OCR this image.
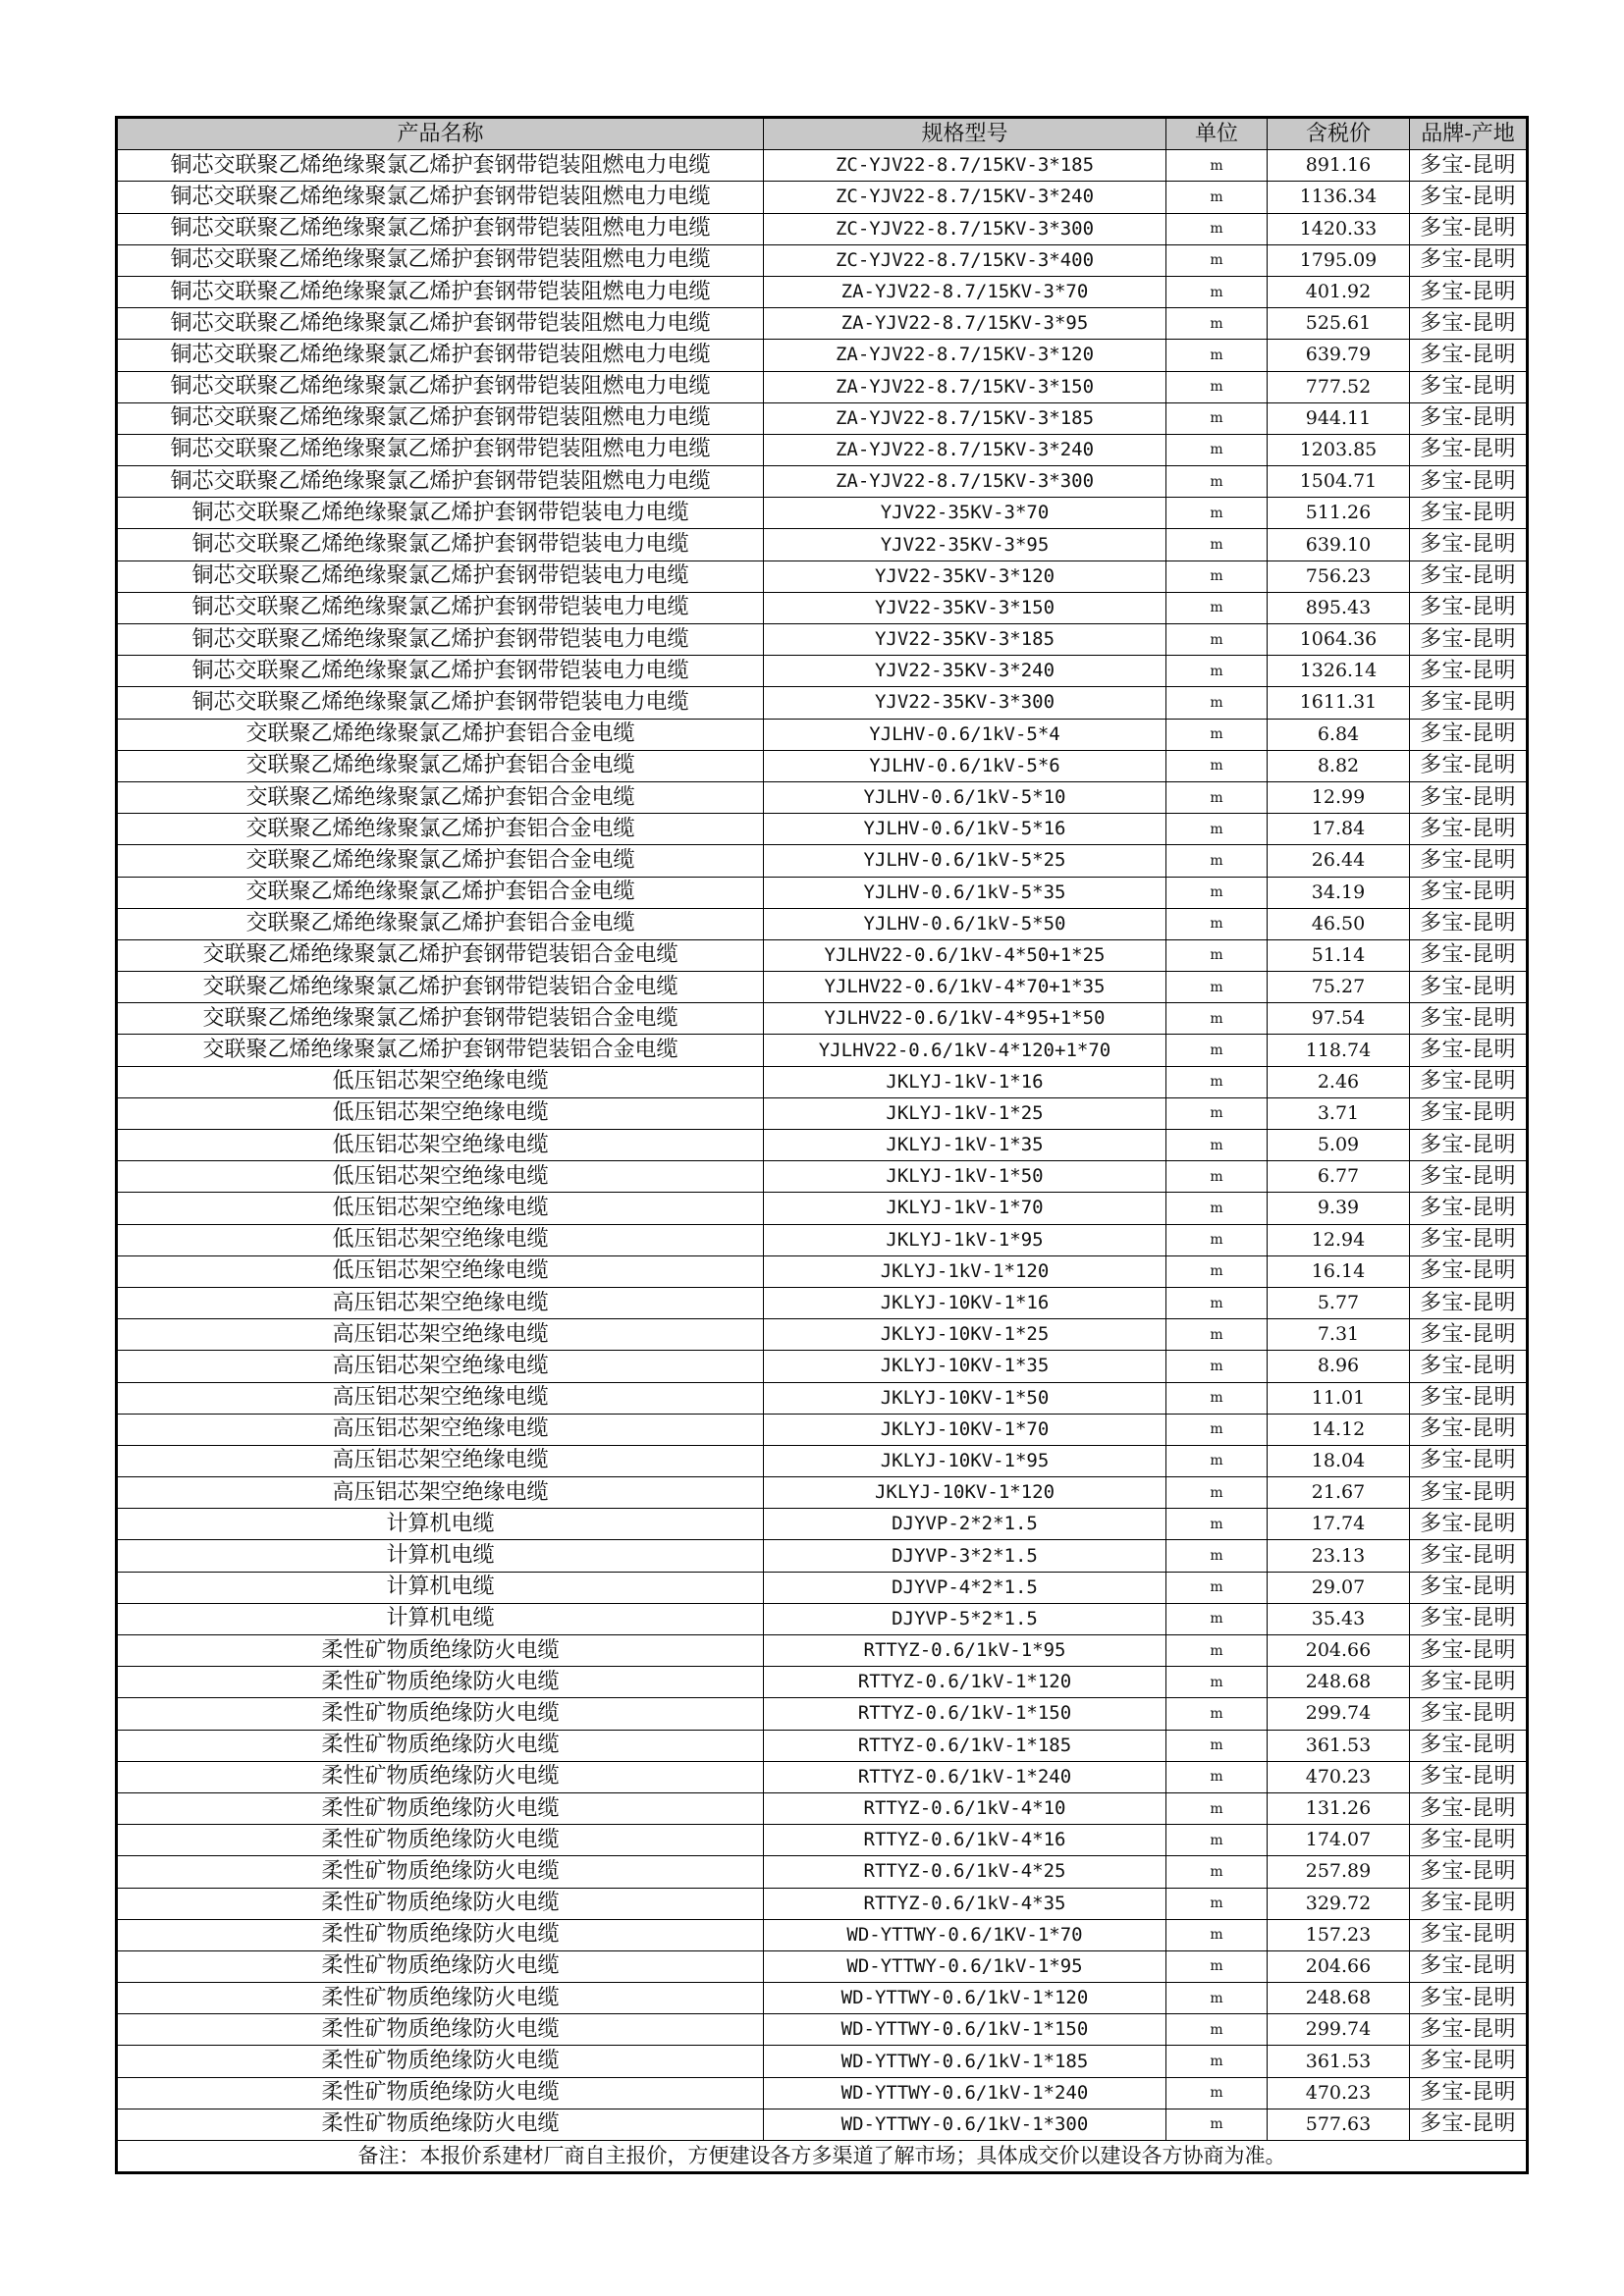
产品名称	规格型号	单位	含税价	品牌-产地
铜芯交联聚乙烯绝缘聚氯乙烯护套钢带铠装阻燃电力电缆	ZC-YJV22-8.7/15KV-3*185	m	891.16	多宝-昆明
铜芯交联聚乙烯绝缘聚氯乙烯护套钢带铠装阻燃电力电缆	ZC-YJV22-8.7/15KV-3*240	m	1136.34	多宝-昆明
铜芯交联聚乙烯绝缘聚氯乙烯护套钢带铠装阻燃电力电缆	ZC-YJV22-8.7/15KV-3*300	m	1420.33	多宝-昆明
铜芯交联聚乙烯绝缘聚氯乙烯护套钢带铠装阻燃电力电缆	ZC-YJV22-8.7/15KV-3*400	m	1795.09	多宝-昆明
铜芯交联聚乙烯绝缘聚氯乙烯护套钢带铠装阻燃电力电缆	ZA-YJV22-8.7/15KV-3*70	m	401.92	多宝-昆明
铜芯交联聚乙烯绝缘聚氯乙烯护套钢带铠装阻燃电力电缆	ZA-YJV22-8.7/15KV-3*95	m	525.61	多宝-昆明
铜芯交联聚乙烯绝缘聚氯乙烯护套钢带铠装阻燃电力电缆	ZA-YJV22-8.7/15KV-3*120	m	639.79	多宝-昆明
铜芯交联聚乙烯绝缘聚氯乙烯护套钢带铠装阻燃电力电缆	ZA-YJV22-8.7/15KV-3*150	m	777.52	多宝-昆明
铜芯交联聚乙烯绝缘聚氯乙烯护套钢带铠装阻燃电力电缆	ZA-YJV22-8.7/15KV-3*185	m	944.11	多宝-昆明
铜芯交联聚乙烯绝缘聚氯乙烯护套钢带铠装阻燃电力电缆	ZA-YJV22-8.7/15KV-3*240	m	1203.85	多宝-昆明
铜芯交联聚乙烯绝缘聚氯乙烯护套钢带铠装阻燃电力电缆	ZA-YJV22-8.7/15KV-3*300	m	1504.71	多宝-昆明
铜芯交联聚乙烯绝缘聚氯乙烯护套钢带铠装电力电缆	YJV22-35KV-3*70	m	511.26	多宝-昆明
铜芯交联聚乙烯绝缘聚氯乙烯护套钢带铠装电力电缆	YJV22-35KV-3*95	m	639.10	多宝-昆明
铜芯交联聚乙烯绝缘聚氯乙烯护套钢带铠装电力电缆	YJV22-35KV-3*120	m	756.23	多宝-昆明
铜芯交联聚乙烯绝缘聚氯乙烯护套钢带铠装电力电缆	YJV22-35KV-3*150	m	895.43	多宝-昆明
铜芯交联聚乙烯绝缘聚氯乙烯护套钢带铠装电力电缆	YJV22-35KV-3*185	m	1064.36	多宝-昆明
铜芯交联聚乙烯绝缘聚氯乙烯护套钢带铠装电力电缆	YJV22-35KV-3*240	m	1326.14	多宝-昆明
铜芯交联聚乙烯绝缘聚氯乙烯护套钢带铠装电力电缆	YJV22-35KV-3*300	m	1611.31	多宝-昆明
交联聚乙烯绝缘聚氯乙烯护套铝合金电缆	YJLHV-0.6/1kV-5*4	m	6.84	多宝-昆明
交联聚乙烯绝缘聚氯乙烯护套铝合金电缆	YJLHV-0.6/1kV-5*6	m	8.82	多宝-昆明
交联聚乙烯绝缘聚氯乙烯护套铝合金电缆	YJLHV-0.6/1kV-5*10	m	12.99	多宝-昆明
交联聚乙烯绝缘聚氯乙烯护套铝合金电缆	YJLHV-0.6/1kV-5*16	m	17.84	多宝-昆明
交联聚乙烯绝缘聚氯乙烯护套铝合金电缆	YJLHV-0.6/1kV-5*25	m	26.44	多宝-昆明
交联聚乙烯绝缘聚氯乙烯护套铝合金电缆	YJLHV-0.6/1kV-5*35	m	34.19	多宝-昆明
交联聚乙烯绝缘聚氯乙烯护套铝合金电缆	YJLHV-0.6/1kV-5*50	m	46.50	多宝-昆明
交联聚乙烯绝缘聚氯乙烯护套钢带铠装铝合金电缆	YJLHV22-0.6/1kV-4*50+1*25	m	51.14	多宝-昆明
交联聚乙烯绝缘聚氯乙烯护套钢带铠装铝合金电缆	YJLHV22-0.6/1kV-4*70+1*35	m	75.27	多宝-昆明
交联聚乙烯绝缘聚氯乙烯护套钢带铠装铝合金电缆	YJLHV22-0.6/1kV-4*95+1*50	m	97.54	多宝-昆明
交联聚乙烯绝缘聚氯乙烯护套钢带铠装铝合金电缆	YJLHV22-0.6/1kV-4*120+1*70	m	118.74	多宝-昆明
低压铝芯架空绝缘电缆	JKLYJ-1kV-1*16	m	2.46	多宝-昆明
低压铝芯架空绝缘电缆	JKLYJ-1kV-1*25	m	3.71	多宝-昆明
低压铝芯架空绝缘电缆	JKLYJ-1kV-1*35	m	5.09	多宝-昆明
低压铝芯架空绝缘电缆	JKLYJ-1kV-1*50	m	6.77	多宝-昆明
低压铝芯架空绝缘电缆	JKLYJ-1kV-1*70	m	9.39	多宝-昆明
低压铝芯架空绝缘电缆	JKLYJ-1kV-1*95	m	12.94	多宝-昆明
低压铝芯架空绝缘电缆	JKLYJ-1kV-1*120	m	16.14	多宝-昆明
高压铝芯架空绝缘电缆	JKLYJ-10KV-1*16	m	5.77	多宝-昆明
高压铝芯架空绝缘电缆	JKLYJ-10KV-1*25	m	7.31	多宝-昆明
高压铝芯架空绝缘电缆	JKLYJ-10KV-1*35	m	8.96	多宝-昆明
高压铝芯架空绝缘电缆	JKLYJ-10KV-1*50	m	11.01	多宝-昆明
高压铝芯架空绝缘电缆	JKLYJ-10KV-1*70	m	14.12	多宝-昆明
高压铝芯架空绝缘电缆	JKLYJ-10KV-1*95	m	18.04	多宝-昆明
高压铝芯架空绝缘电缆	JKLYJ-10KV-1*120	m	21.67	多宝-昆明
计算机电缆	DJYVP-2*2*1.5	m	17.74	多宝-昆明
计算机电缆	DJYVP-3*2*1.5	m	23.13	多宝-昆明
计算机电缆	DJYVP-4*2*1.5	m	29.07	多宝-昆明
计算机电缆	DJYVP-5*2*1.5	m	35.43	多宝-昆明
柔性矿物质绝缘防火电缆	RTTYZ-0.6/1kV-1*95	m	204.66	多宝-昆明
柔性矿物质绝缘防火电缆	RTTYZ-0.6/1kV-1*120	m	248.68	多宝-昆明
柔性矿物质绝缘防火电缆	RTTYZ-0.6/1kV-1*150	m	299.74	多宝-昆明
柔性矿物质绝缘防火电缆	RTTYZ-0.6/1kV-1*185	m	361.53	多宝-昆明
柔性矿物质绝缘防火电缆	RTTYZ-0.6/1kV-1*240	m	470.23	多宝-昆明
柔性矿物质绝缘防火电缆	RTTYZ-0.6/1kV-4*10	m	131.26	多宝-昆明
柔性矿物质绝缘防火电缆	RTTYZ-0.6/1kV-4*16	m	174.07	多宝-昆明
柔性矿物质绝缘防火电缆	RTTYZ-0.6/1kV-4*25	m	257.89	多宝-昆明
柔性矿物质绝缘防火电缆	RTTYZ-0.6/1kV-4*35	m	329.72	多宝-昆明
柔性矿物质绝缘防火电缆	WD-YTTWY-0.6/1KV-1*70	m	157.23	多宝-昆明
柔性矿物质绝缘防火电缆	WD-YTTWY-0.6/1kV-1*95	m	204.66	多宝-昆明
柔性矿物质绝缘防火电缆	WD-YTTWY-0.6/1kV-1*120	m	248.68	多宝-昆明
柔性矿物质绝缘防火电缆	WD-YTTWY-0.6/1kV-1*150	m	299.74	多宝-昆明
柔性矿物质绝缘防火电缆	WD-YTTWY-0.6/1kV-1*185	m	361.53	多宝-昆明
柔性矿物质绝缘防火电缆	WD-YTTWY-0.6/1kV-1*240	m	470.23	多宝-昆明
柔性矿物质绝缘防火电缆	WD-YTTWY-0.6/1kV-1*300	m	577.63	多宝-昆明
备注：本报价系建材厂商自主报价，方便建设各方多渠道了解市场；具体成交价以建设各方协商为准。				
